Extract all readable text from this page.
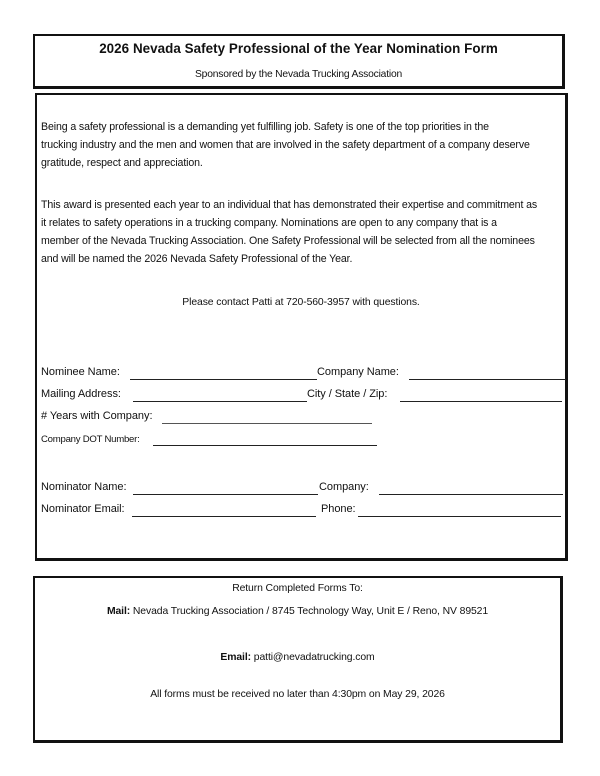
2026 Nevada Safety Professional of the Year Nomination Form
Sponsored by the Nevada Trucking Association
Being a safety professional is a demanding yet fulfilling job. Safety is one of the top priorities in the
trucking industry and the men and women that are involved in the safety department of a company deserve
gratitude, respect and appreciation.
This award is presented each year to an individual that has demonstrated their expertise and commitment as
it relates to safety operations in a trucking company. Nominations are open to any company that is a
member of the Nevada Trucking Association. One Safety Professional will be selected from all the nominees
and will be named the 2026 Nevada Safety Professional of the Year.
Please contact Patti at 720-560-3957 with questions.
Nominee Name:	Company Name:
Mailing Address:	City / State / Zip:
# Years with Company:
Company DOT Number:
Nominator Name:	Company:
Nominator Email:	Phone:
Return Completed Forms To:
Mail: Nevada Trucking Association / 8745 Technology Way, Unit E / Reno, NV 89521
Email: patti@nevadatrucking.com
All forms must be received no later than 4:30pm on May 29, 2026
